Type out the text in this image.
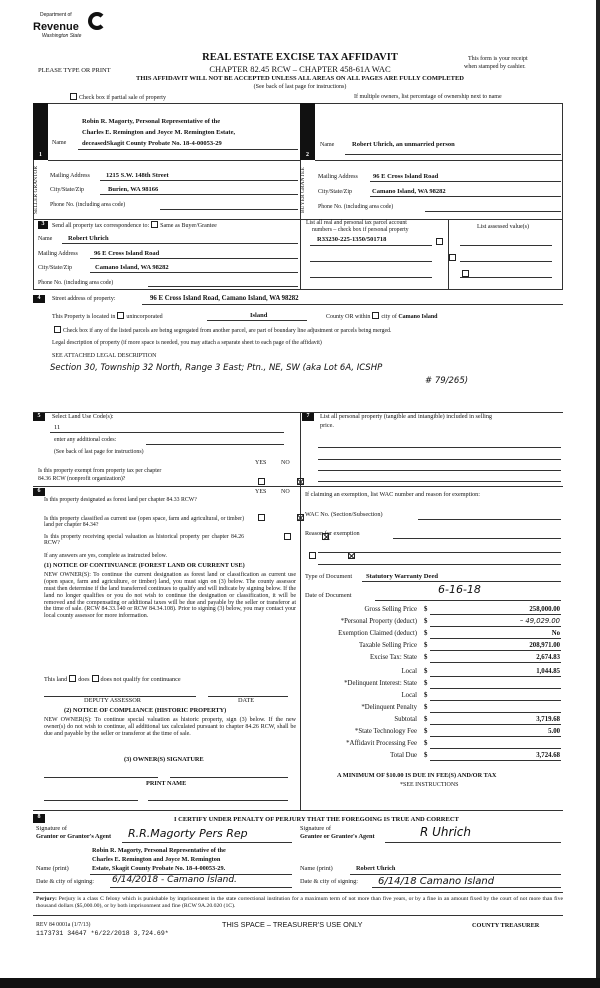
Department of
Revenue
Washington State
REAL ESTATE EXCISE TAX AFFIDAVIT
PLEASE TYPE OR PRINT	CHAPTER 82.45 RCW – CHAPTER 458-61A WAC
This form is your receipt
when stamped by cashier.
THIS AFFIDAVIT WILL NOT BE ACCEPTED UNLESS ALL AREAS ON ALL PAGES ARE FULLY COMPLETED
(See back of last page for instructions)
Check box if partial sale of property	If multiple owners, list percentage of ownership next to name
1	2
SELLER GRANTOR	BUYER GRANTEE
Name
Robin R. Magorty, Personal Representative of the
Charles E. Remington and Joyce M. Remington Estate,
deceasedSkagit County Probate No. 18-4-00053-29
Mailing Address 1215 S.W. 148th Street
City/State/Zip	Burien, WA 98166
Phone No. (including area code)
Name	Robert Uhrich, an unmarried person
Mailing Address 96 E Cross Island Road
City/State/Zip	Camano Island, WA 98282
Phone No. (including area code)
3	Send all property tax correspondence to: Same as Buyer/Grantee
Name Robert Uhrich
Mailing Address 96 E Cross Island Road
City/State/Zip	Camano Island, WA 98282
Phone No. (including area code)
List all real and personal tax parcel account
numbers – check box if personal property	List assessed value(s)
R33230-225-1350/501718

4	Street address of property:	96 E Cross Island Road, Camano Island, WA 98282
This Property is located in unincorporated	Island	County OR within city of Camano Island
Check box if any of the listed parcels are being segregated from another parcel, are part of boundary line adjustment or parcels being merged.
Legal description of property (if more space is needed, you may attach a separate sheet to each page of the affidavit)
SEE ATTACHED LEGAL DESCRIPTION
Section 30, Township 32 North, Range 3 East; Ptn., NE, SW (aka Lot 6A, ICSHP
# 79/265)
5	Select Land Use Code(s):
11
enter any additional codes:
(See back of last page for instructions)
YES NO
Is this property exempt from property tax per chapter
84.36 RCW (nonprofit organization)?

6	YES NO
Is this property designated as forest land per chapter 84.33 RCW?

Is this property classified as current use (open space, farm and agricultural, or timber) land per chapter 84.34?

Is this property receiving special valuation as historical property per chapter 84.26 RCW?

If any answers are yes, complete as instructed below.
(1) NOTICE OF CONTINUANCE (FOREST LAND OR CURRENT USE)
NEW OWNER(S): To continue the current designation as forest land or classification as current use (open space, farm and agriculture, or timber) land, you must sign on (3) below. The county assessor must then determine if the land transferred continues to qualify and will indicate by signing below. If the land no longer qualifies or you do not wish to continue the designation or classification, it will be removed and the compensating or additional taxes will be due and payable by the seller or transferor at the time of sale. (RCW 84.33.140 or RCW 84.34.108). Prior to signing (3) below, you may contact your local county assessor for more information.
This land does does not qualify for continuance
DEPUTY ASSESSOR	DATE
(2) NOTICE OF COMPLIANCE (HISTORIC PROPERTY)
NEW OWNER(S): To continue special valuation as historic property, sign (3) below. If the new owner(s) do not wish to continue, all additional tax calculated pursuant to chapter 84.26 RCW, shall be due and payable by the seller or transferor at the time of sale.
(3) OWNER(S) SIGNATURE
PRINT NAME
7	List all personal property (tangible and intangible) included in selling
price.
If claiming an exemption, list WAC number and reason for exemption:
WAC No. (Section/Subsection)
Reason for exemption
Type of Document Statutory Warranty Deed
Date of Document	6-16-18
Gross Selling Price $	258,000.00
*Personal Property (deduct) $	– 49,029.00
Exemption Claimed (deduct) $	No
Taxable Selling Price $	208,971.00
Excise Tax: State $	2,674.83
Local $	1,044.85
*Delinquent Interest: State $
Local $
*Delinquent Penalty $
Subtotal $	3,719.68
*State Technology Fee $	5.00
*Affidavit Processing Fee $
Total Due $	3,724.68
A MINIMUM OF $10.00 IS DUE IN FEE(S) AND/OR TAX
*SEE INSTRUCTIONS
8	I CERTIFY UNDER PENALTY OF PERJURY THAT THE FOREGOING IS TRUE AND CORRECT
Signature of
Grantor or Grantor's Agent R.R.Magorty Pers Rep	Signature of
Grantee or Grantee's Agent	R Uhrich
Robin R. Magorty, Personal Representative of the
Charles E. Remington and Joyce M. Remington
Name (print)	Estate, Skagit County Probate No. 18-4-00053-29.
Date & city of signing: 6/14/2018 - Camano Island.
Name (print)	Robert Uhrich
Date & city of signing: 6/14/18 Camano Island
Perjury: Perjury is a class C felony which is punishable by imprisonment in the state correctional institution for a maximum term of not more than five years, or by a fine in an amount fixed by the court of not more than five thousand dollars ($5,000.00), or by both imprisonment and fine (RCW 9A.20.020 (1C).
REV 84 0001a (1/7/13)
1173731 34647 *6/22/2018 3,724.69*
THIS SPACE – TREASURER'S USE ONLY	COUNTY TREASURER
